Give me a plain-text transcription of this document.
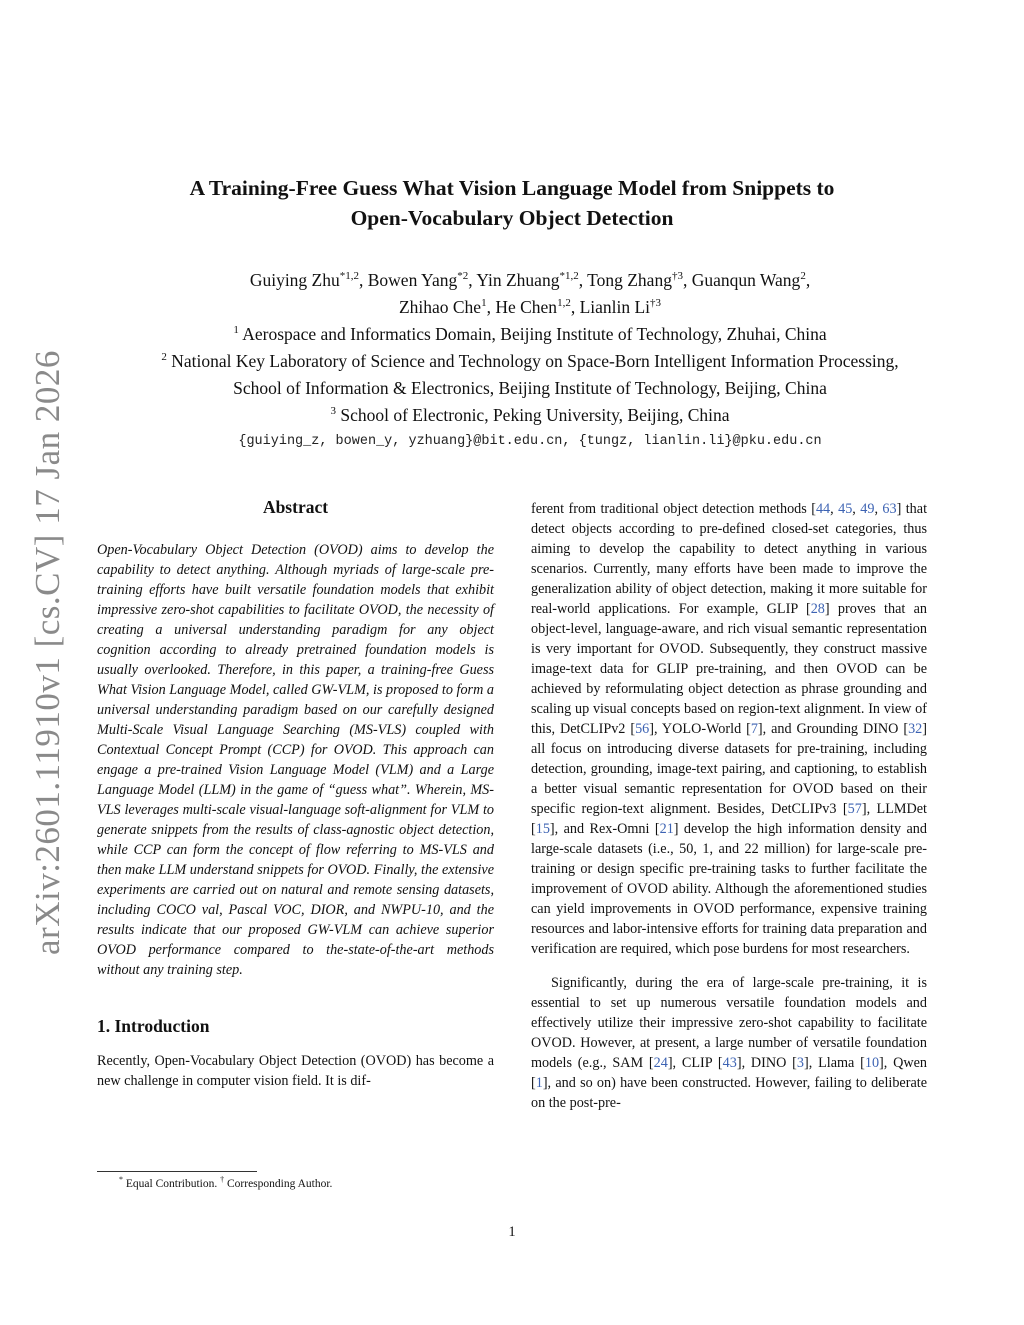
arXiv:2601.11910v1 [cs.CV] 17 Jan 2026
A Training-Free Guess What Vision Language Model from Snippets to
Open-Vocabulary Object Detection
Guiying Zhu$^{*1,2}$, Bowen Yang$^{*2}$, Yin Zhuang$^{*1,2}$, Tong Zhang$^{\dagger 3}$, Guanqun Wang$^2$,
Zhihao Che$^1$, He Chen$^{1,2}$, Lianlin Li$^{\dagger 3}$
$^1$ Aerospace and Informatics Domain, Beijing Institute of Technology, Zhuhai, China
$^2$ National Key Laboratory of Science and Technology on Space-Born Intelligent Information Processing,
School of Information & Electronics, Beijing Institute of Technology, Beijing, China
$^3$ School of Electronic, Peking University, Beijing, China
{guiying_z, bowen_y, yzhuang}@bit.edu.cn, {tungz, lianlin.li}@pku.edu.cn
Abstract

Open-Vocabulary Object Detection (OVOD) aims to develop the capability to detect anything. Although myriads of large-scale pre-training efforts have built versatile foundation models that exhibit impressive zero-shot capabilities to facilitate OVOD, the necessity of creating a universal understanding paradigm for any object cognition according to already pretrained foundation models is usually overlooked. Therefore, in this paper, a training-free Guess What Vision Language Model, called GW-VLM, is proposed to form a universal understanding paradigm based on our carefully designed Multi-Scale Visual Language Searching (MS-VLS) coupled with Contextual Concept Prompt (CCP) for OVOD. This approach can engage a pre-trained Vision Language Model (VLM) and a Large Language Model (LLM) in the game of “guess what”. Wherein, MS-VLS leverages multi-scale visual-language soft-alignment for VLM to generate snippets from the results of class-agnostic object detection, while CCP can form the concept of flow referring to MS-VLS and then make LLM understand snippets for OVOD. Finally, the extensive experiments are carried out on natural and remote sensing datasets, including COCO val, Pascal VOC, DIOR, and NWPU-10, and the results indicate that our proposed GW-VLM can achieve superior OVOD performance compared to the-state-of-the-art methods without any training step.

1. Introduction

Recently, Open-Vocabulary Object Detection (OVOD) has become a new challenge in computer vision field. It is dif-

ferent from traditional object detection methods [44, 45, 49, 63] that detect objects according to pre-defined closed-set categories, thus aiming to develop the capability to detect anything in various scenarios. Currently, many efforts have been made to improve the generalization ability of object detection, making it more suitable for real-world applications. For example, GLIP [28] proves that an object-level, language-aware, and rich visual semantic representation is very important for OVOD. Subsequently, they construct massive image-text data for GLIP pre-training, and then OVOD can be achieved by reformulating object detection as phrase grounding and scaling up visual concepts based on region-text alignment. In view of this, DetCLIPv2 [56], YOLO-World [7], and Grounding DINO [32] all focus on introducing diverse datasets for pre-training, including detection, grounding, image-text pairing, and captioning, to establish a better visual semantic representation for OVOD based on their specific region-text alignment. Besides, DetCLIPv3 [57], LLMDet [15], and Rex-Omni [21] develop the high information density and large-scale datasets (i.e., 50, 1, and 22 million) for large-scale pre-training or design specific pre-training tasks to further facilitate the improvement of OVOD ability. Although the aforementioned studies can yield improvements in OVOD performance, expensive training resources and labor-intensive efforts for training data preparation and verification are required, which pose burdens for most researchers.

Significantly, during the era of large-scale pre-training, it is essential to set up numerous versatile foundation models and effectively utilize their impressive zero-shot capability to facilitate OVOD. However, at present, a large number of versatile foundation models (e.g., SAM [24], CLIP [43], DINO [3], Llama [10], Qwen [1], and so on) have been constructed. However, failing to deliberate on the post-pre-

* Equal Contribution. † Corresponding Author.
1
